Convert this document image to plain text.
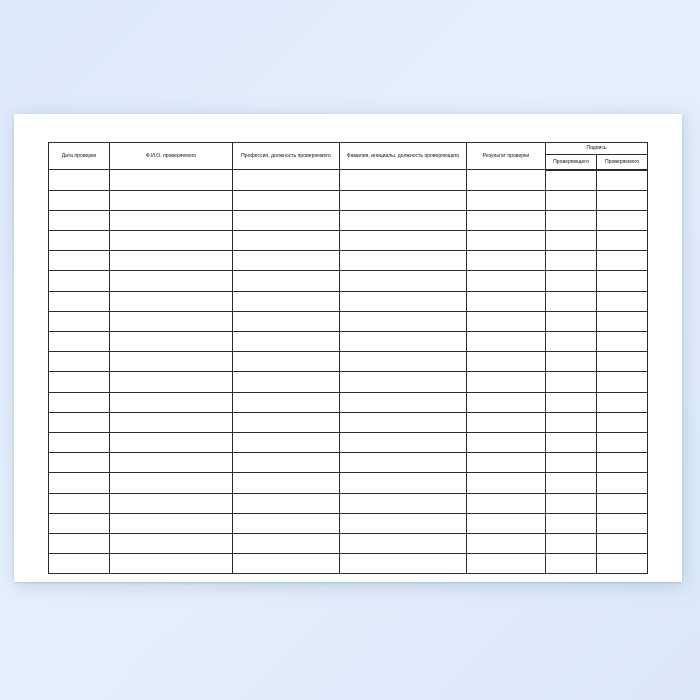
Дата проверки	Ф.И.О. проверяемого	Профессия, должность проверяемого	Фамилия, инициалы, должность проверяющего	Результат проверки	Подпись	

					Проверяющего	Проверяемого
